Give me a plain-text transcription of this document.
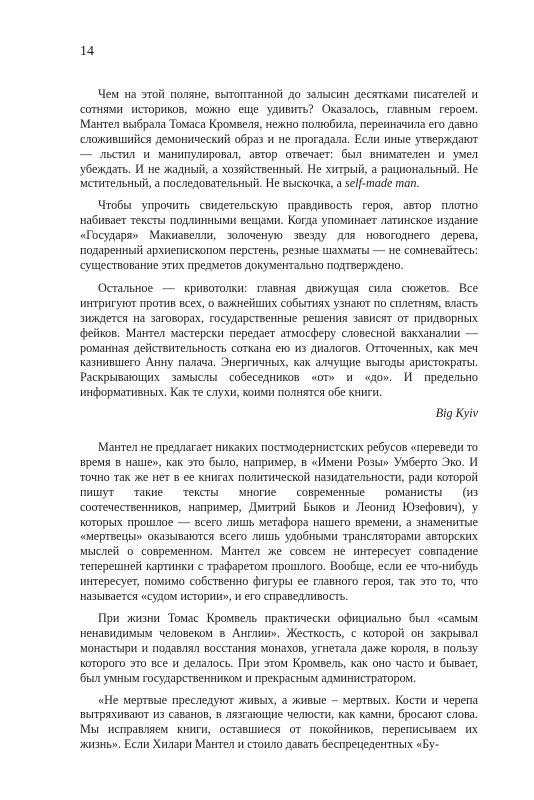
14

Чем на этой поляне, вытоптанной до залысин десятками писателей и сотнями историков, можно еще удивить? Оказалось, главным героем. Мантел выбрала Томаса Кромвеля, нежно полюбила, переиначила его давно сложившийся демонический образ и не прогадала. Если иные утверждают — льстил и манипулировал, автор отвечает: был внимателен и умел убеждать. И не жадный, а хозяйственный. Не хитрый, а рациональный. Не мстительный, а последовательный. Не выскочка, а self-made man.

Чтобы упрочить свидетельскую правдивость героя, автор плотно набивает тексты подлинными вещами. Когда упоминает латинское издание «Государя» Макиавелли, золоченую звезду для новогоднего дерева, подаренный архиепископом перстень, резные шахматы — не сомневайтесь: существование этих предметов документально подтверждено.

Остальное — кривотолки: главная движущая сила сюжетов. Все интригуют против всех, о важнейших событиях узнают по сплетням, власть зиждется на заговорах, государственные решения зависят от придворных фейков. Мантел мастерски передает атмосферу словесной вакханалии — романная действительность соткана ею из диалогов. Отточенных, как меч казнившего Анну палача. Энергичных, как алчущие выгоды аристократы. Раскрывающих замыслы собеседников «от» и «до». И предельно информативных. Как те слухи, коими полнятся обе книги.

Big Kyiv

Мантел не предлагает никаких постмодернистских ребусов «переведи то время в наше», как это было, например, в «Имени Розы» Умберто Эко. И точно так же нет в ее книгах политической назидательности, ради которой пишут такие тексты многие современные романисты (из соотечественников, например, Дмитрий Быков и Леонид Юзефович), у которых прошлое — всего лишь метафора нашего времени, а знаменитые «мертвецы» оказываются всего лишь удобными трансляторами авторских мыслей о современном. Мантел же совсем не интересует совпадение теперешней картинки с трафаретом прошлого. Вообще, если ее что-нибудь интересует, помимо собственно фигуры ее главного героя, так это то, что называется «судом истории», и его справедливость.

При жизни Томас Кромвель практически официально был «самым ненавидимым человеком в Англии». Жесткость, с которой он закрывал монастыри и подавлял восстания монахов, угнетала даже короля, в пользу которого это все и делалось. При этом Кромвель, как оно часто и бывает, был умным государственником и прекрасным администратором.

«Не мертвые преследуют живых, а живые – мертвых. Кости и черепа вытряхивают из саванов, в лязгающие челюсти, как камни, бросают слова. Мы исправляем книги, оставшиеся от покойников, переписываем их жизнь». Если Хилари Мантел и стоило давать беспрецедентных «Бу-
